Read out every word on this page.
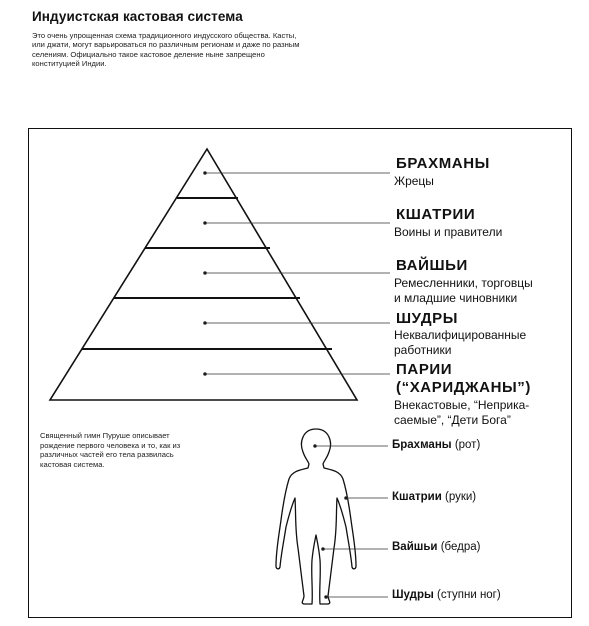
Индуистская кастовая система
Это очень упрощенная схема традиционного индусского общества. Касты, или джати, могут варьироваться по различным регионам и даже по разным селениям. Официально такое кастовое деление ныне запрещено конституцией Индии.
БРАХМАНЫ
Жрецы
КШАТРИИ
Воины и правители
ВАЙШЬИ
Ремесленники, торговцы
и младшие чиновники
ШУДРЫ
Неквалифицированные
работники
ПАРИИ
(“ХАРИДЖАНЫ”)
Внекастовые, “Неприка-
саемые”, “Дети Бога”
Священный гимн Пуруше описывает
рождение первого человека и то, как из
различных частей его тела развилась
кастовая система.
Брахманы (рот)
Кшатрии (руки)
Вайшьи (бедра)
Шудры (ступни ног)
